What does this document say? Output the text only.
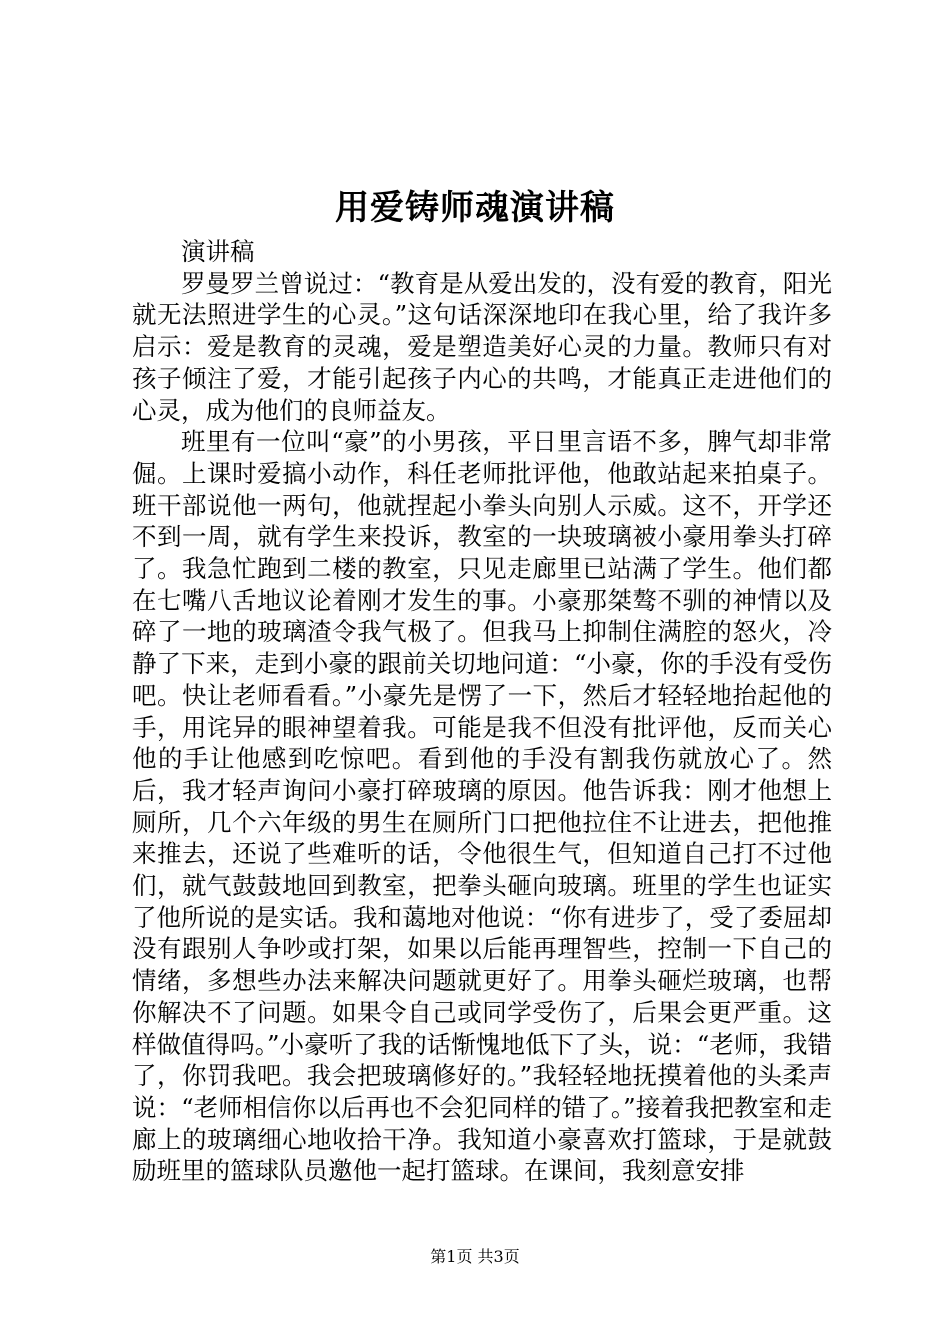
用爱铸师魂演讲稿

演讲稿

罗曼罗兰曾说过：“教育是从爱出发的，没有爱的教育，阳光就无法照进学生的心灵。”这句话深深地印在我心里，给了我许多启示：爱是教育的灵魂，爱是塑造美好心灵的力量。教师只有对孩子倾注了爱，才能引起孩子内心的共鸣，才能真正走进他们的心灵，成为他们的良师益友。

班里有一位叫“豪”的小男孩，平日里言语不多，脾气却非常倔。上课时爱搞小动作，科任老师批评他，他敢站起来拍桌子。班干部说他一两句，他就捏起小拳头向别人示威。这不，开学还不到一周，就有学生来投诉，教室的一块玻璃被小豪用拳头打碎了。我急忙跑到二楼的教室，只见走廊里已站满了学生。他们都在七嘴八舌地议论着刚才发生的事。小豪那桀骜不驯的神情以及碎了一地的玻璃渣令我气极了。但我马上抑制住满腔的怒火，冷静了下来，走到小豪的跟前关切地问道：“小豪，你的手没有受伤吧。快让老师看看。”小豪先是愣了一下，然后才轻轻地抬起他的手，用诧异的眼神望着我。可能是我不但没有批评他，反而关心他的手让他感到吃惊吧。看到他的手没有割我伤就放心了。然后，我才轻声询问小豪打碎玻璃的原因。他告诉我：刚才他想上厕所，几个六年级的男生在厕所门口把他拉住不让进去，把他推来推去，还说了些难听的话，令他很生气，但知道自己打不过他们，就气鼓鼓地回到教室，把拳头砸向玻璃。班里的学生也证实了他所说的是实话。我和蔼地对他说：“你有进步了，受了委屈却没有跟别人争吵或打架，如果以后能再理智些，控制一下自己的情绪，多想些办法来解决问题就更好了。用拳头砸烂玻璃，也帮你解决不了问题。如果令自己或同学受伤了，后果会更严重。这样做值得吗。”小豪听了我的话惭愧地低下了头，说：“老师，我错了，你罚我吧。我会把玻璃修好的。”我轻轻地抚摸着他的头柔声说：“老师相信你以后再也不会犯同样的错了。”接着我把教室和走廊上的玻璃细心地收拾干净。我知道小豪喜欢打篮球，于是就鼓励班里的篮球队员邀他一起打篮球。在课间，我刻意安排

第1页 共3页
